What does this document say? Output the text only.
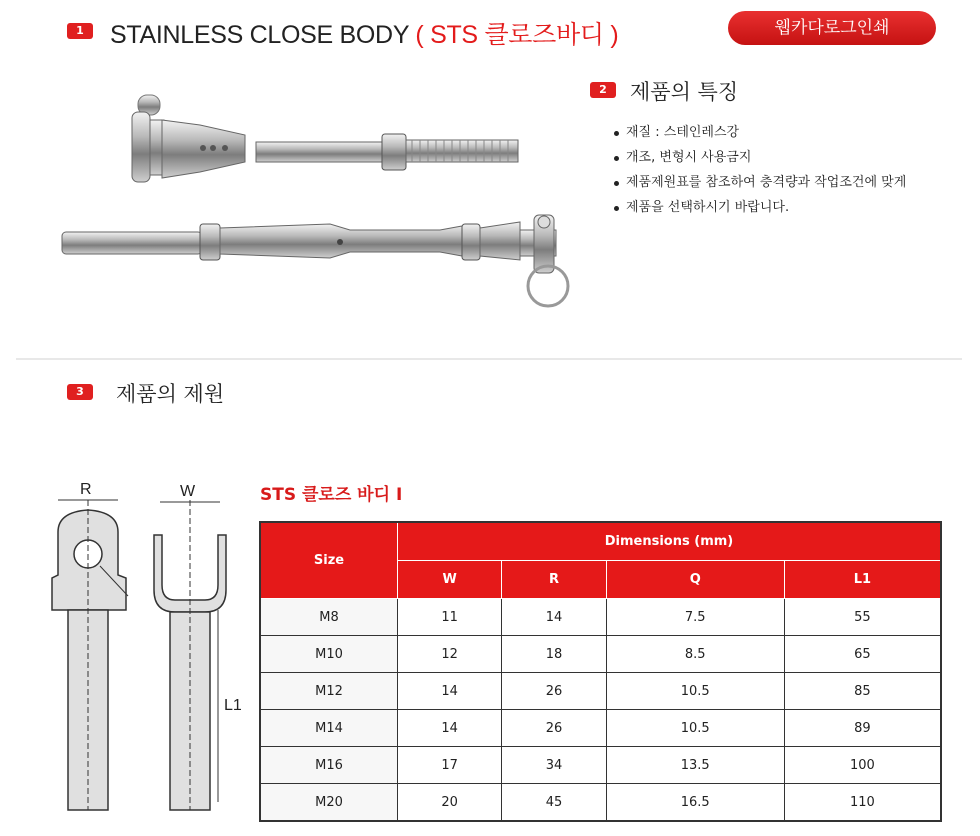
1	STAINLESS CLOSE BODY ( STS 클로즈바디 )	웹카다로그인쇄
2	제품의 특징
재질 : 스테인레스강
개조, 변형시 사용금지
제품제원표를 참조하여 충격량과 작업조건에 맞게
제품을 선택하시기 바랍니다.
3	제품의 제원
R	W
L1
STS 클로즈 바디 I
Size	Dimensions (mm)			
	W	R	Q	L1
M8	11	14	7.5	55
M10	12	18	8.5	65
M12	14	26	10.5	85
M14	14	26	10.5	89
M16	17	34	13.5	100
M20	20	45	16.5	110
